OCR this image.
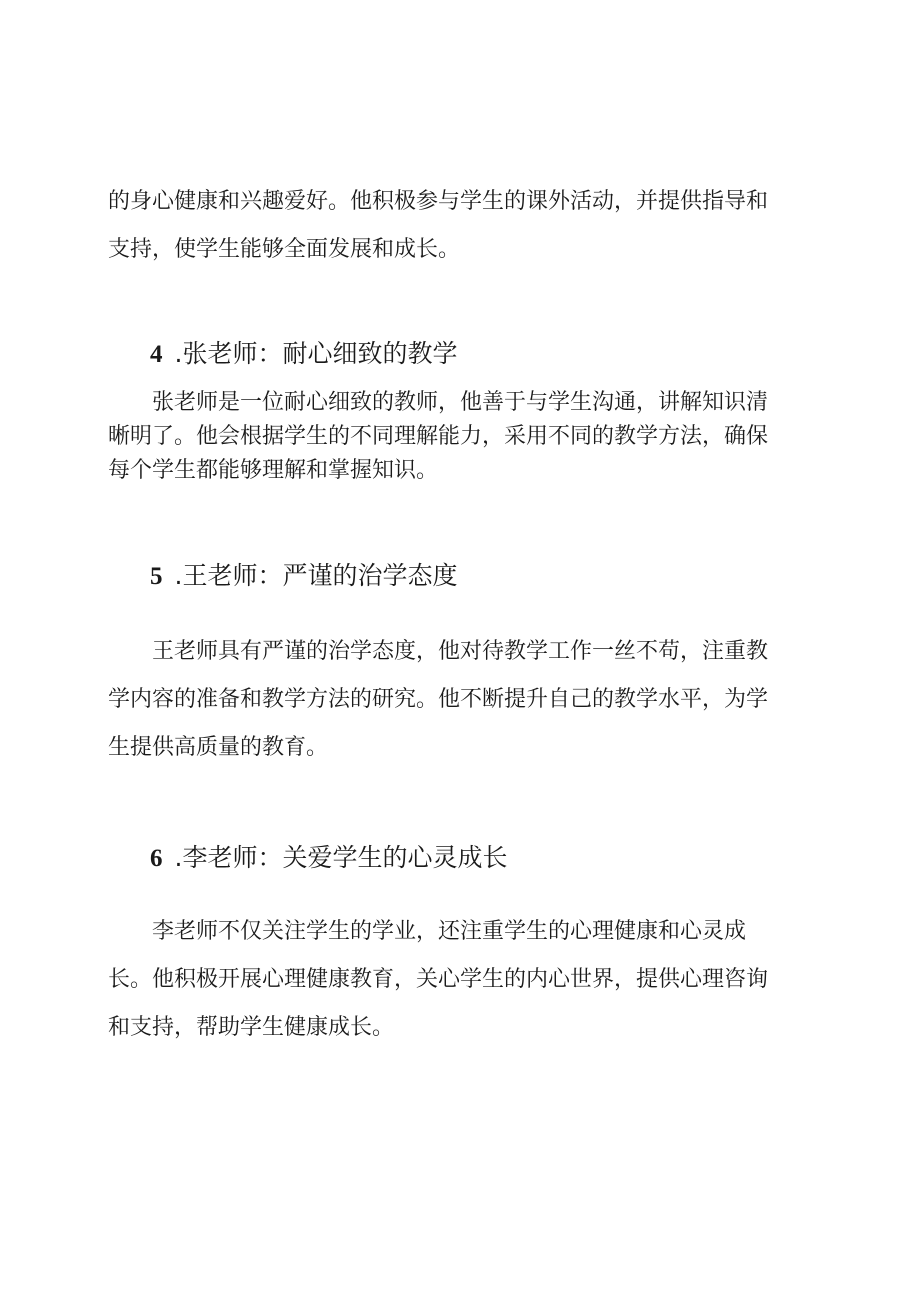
的身心健康和兴趣爱好。他积极参与学生的课外活动，并提供指导和
支持，使学生能够全面发展和成长。

4 .张老师：耐心细致的教学

张老师是一位耐心细致的教师，他善于与学生沟通，讲解知识清
晰明了。他会根据学生的不同理解能力，采用不同的教学方法，确保
每个学生都能够理解和掌握知识。

5 .王老师：严谨的治学态度

王老师具有严谨的治学态度，他对待教学工作一丝不苟，注重教
学内容的准备和教学方法的研究。他不断提升自己的教学水平，为学
生提供高质量的教育。

6 .李老师：关爱学生的心灵成长

李老师不仅关注学生的学业，还注重学生的心理健康和心灵成
长。他积极开展心理健康教育，关心学生的内心世界，提供心理咨询
和支持，帮助学生健康成长。
